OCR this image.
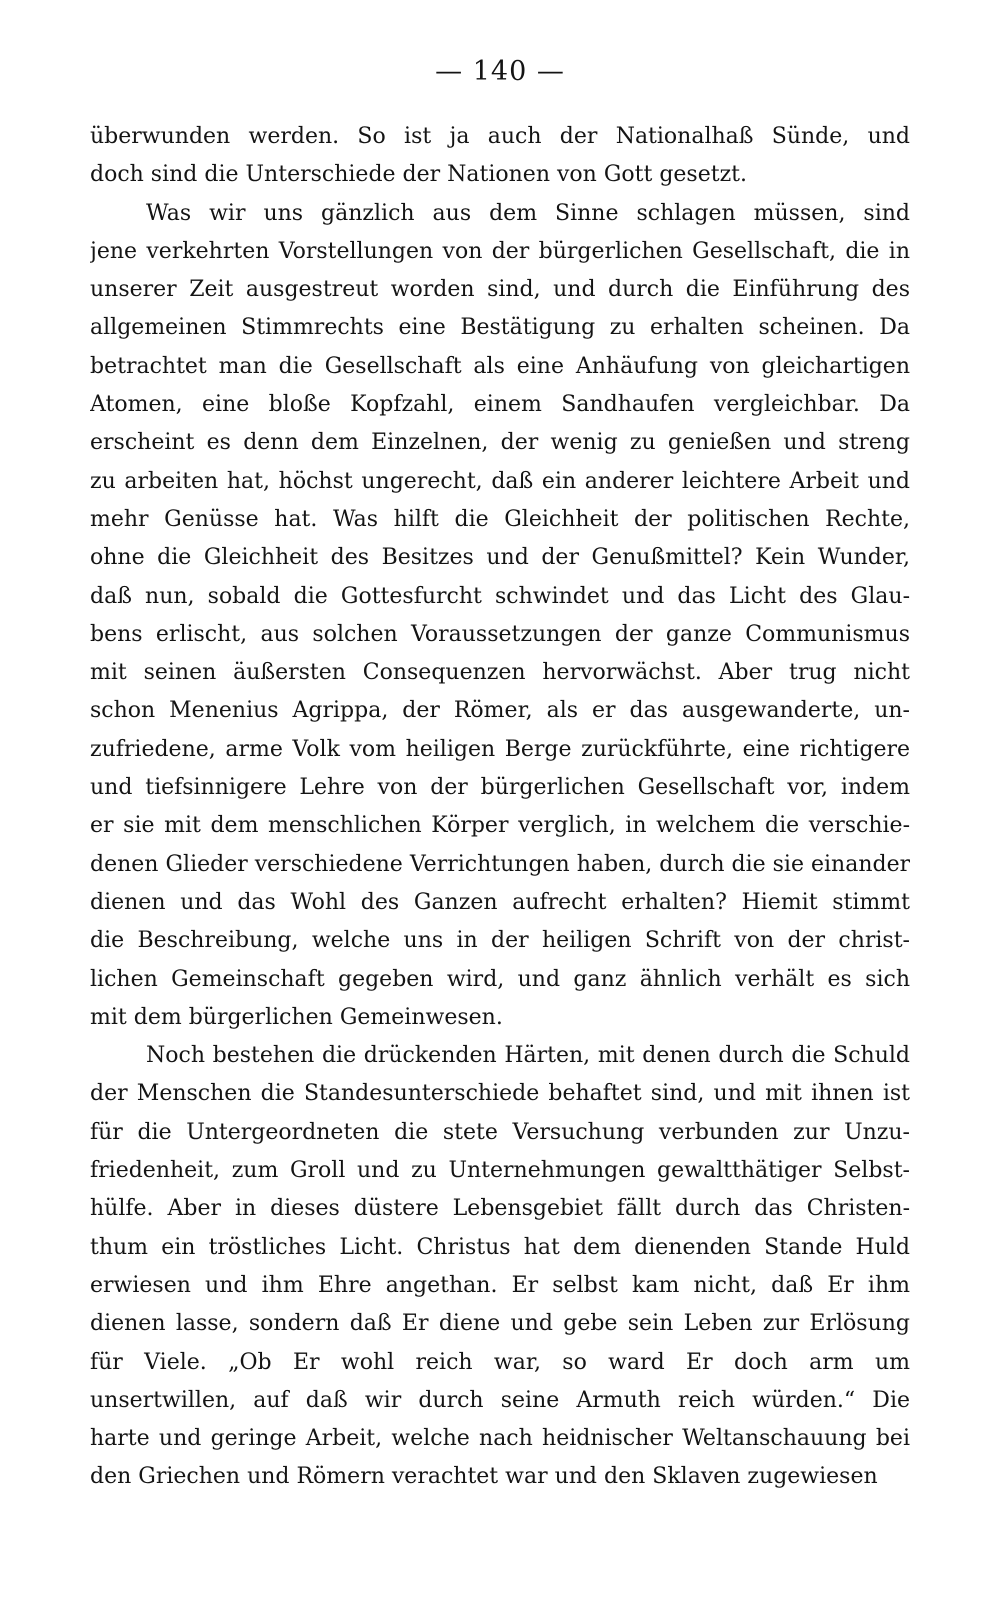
— 140 —
überwunden werden. So ist ja auch der Nationalhaß Sünde, und
doch sind die Unterschiede der Nationen von Gott gesetzt.
Was wir uns gänzlich aus dem Sinne schlagen müssen, sind
jene verkehrten Vorstellungen von der bürgerlichen Gesellschaft, die in
unserer Zeit ausgestreut worden sind, und durch die Einführung des
allgemeinen Stimmrechts eine Bestätigung zu erhalten scheinen. Da
betrachtet man die Gesellschaft als eine Anhäufung von gleichartigen
Atomen, eine bloße Kopfzahl, einem Sandhaufen vergleichbar. Da
erscheint es denn dem Einzelnen, der wenig zu genießen und streng
zu arbeiten hat, höchst ungerecht, daß ein anderer leichtere Arbeit und
mehr Genüsse hat. Was hilft die Gleichheit der politischen Rechte,
ohne die Gleichheit des Besitzes und der Genußmittel? Kein Wunder,
daß nun, sobald die Gottesfurcht schwindet und das Licht des Glau-
bens erlischt, aus solchen Voraussetzungen der ganze Communismus
mit seinen äußersten Consequenzen hervorwächst. Aber trug nicht
schon Menenius Agrippa, der Römer, als er das ausgewanderte, un-
zufriedene, arme Volk vom heiligen Berge zurückführte, eine richtigere
und tiefsinnigere Lehre von der bürgerlichen Gesellschaft vor, indem
er sie mit dem menschlichen Körper verglich, in welchem die verschie-
denen Glieder verschiedene Verrichtungen haben, durch die sie einander
dienen und das Wohl des Ganzen aufrecht erhalten? Hiemit stimmt
die Beschreibung, welche uns in der heiligen Schrift von der christ-
lichen Gemeinschaft gegeben wird, und ganz ähnlich verhält es sich
mit dem bürgerlichen Gemeinwesen.
Noch bestehen die drückenden Härten, mit denen durch die Schuld
der Menschen die Standesunterschiede behaftet sind, und mit ihnen ist
für die Untergeordneten die stete Versuchung verbunden zur Unzu-
friedenheit, zum Groll und zu Unternehmungen gewaltthätiger Selbst-
hülfe. Aber in dieses düstere Lebensgebiet fällt durch das Christen-
thum ein tröstliches Licht. Christus hat dem dienenden Stande Huld
erwiesen und ihm Ehre angethan. Er selbst kam nicht, daß Er ihm
dienen lasse, sondern daß Er diene und gebe sein Leben zur Erlösung
für Viele. „Ob Er wohl reich war, so ward Er doch arm um
unsertwillen, auf daß wir durch seine Armuth reich würden.“ Die
harte und geringe Arbeit, welche nach heidnischer Weltanschauung bei
den Griechen und Römern verachtet war und den Sklaven zugewiesen
